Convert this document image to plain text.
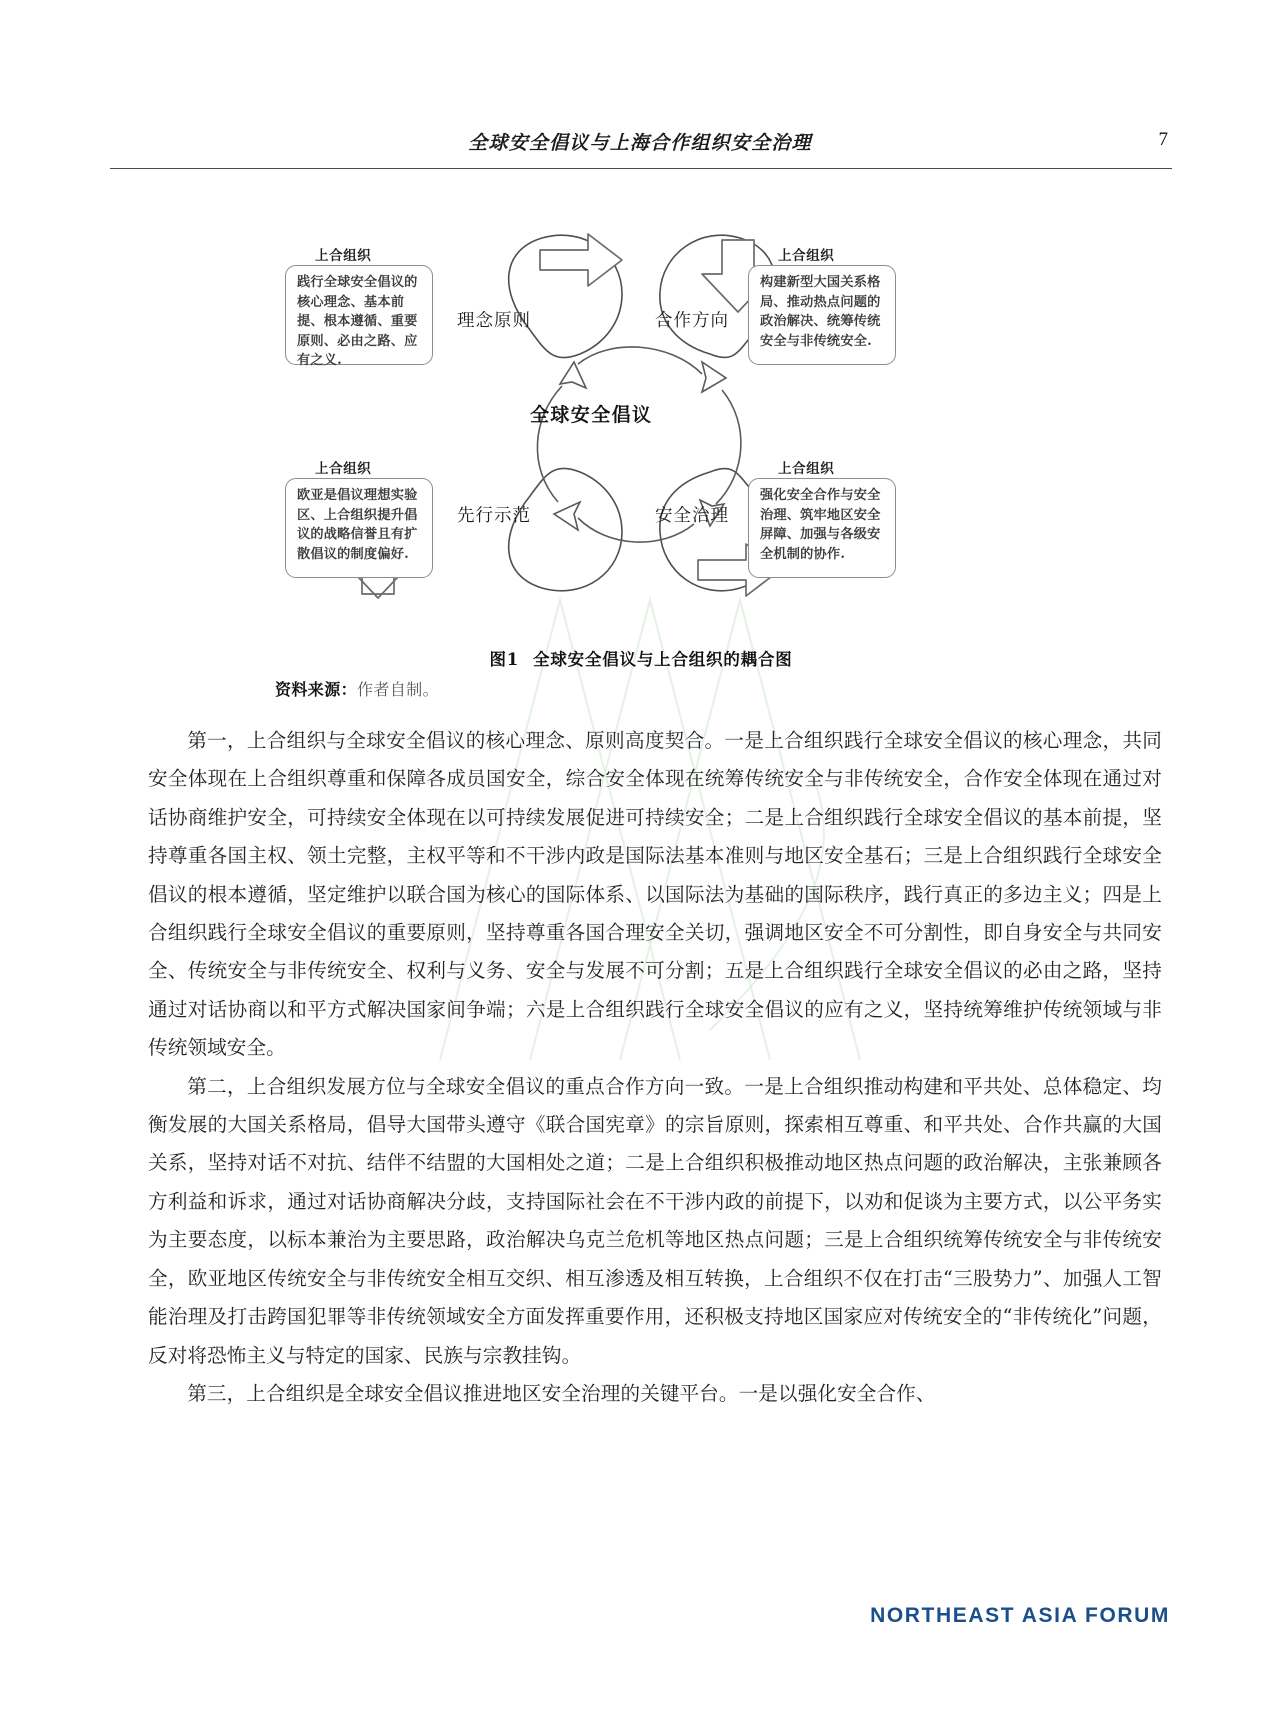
全球安全倡议与上海合作组织安全治理	7
理念原则	合作方向
先行示范	安全治理
全球安全倡议
上合组织
践行全球安全倡议的核心理念、基本前提、根本遵循、重要原则、必由之路、应有之义.
上合组织
构建新型大国关系格局、推动热点问题的政治解决、统筹传统安全与非传统安全.
上合组织
欧亚是倡议理想实验区、上合组织提升倡议的战略信誉且有扩散倡议的制度偏好.
上合组织
强化安全合作与安全治理、筑牢地区安全屏障、加强与各级安全机制的协作.
图1 全球安全倡议与上合组织的耦合图
资料来源：作者自制。

第一，上合组织与全球安全倡议的核心理念、原则高度契合。一是上合组织践行全球安全倡议的核心理念，共同安全体现在上合组织尊重和保障各成员国安全，综合安全体现在统筹传统安全与非传统安全，合作安全体现在通过对话协商维护安全，可持续安全体现在以可持续发展促进可持续安全；二是上合组织践行全球安全倡议的基本前提，坚持尊重各国主权、领土完整，主权平等和不干涉内政是国际法基本准则与地区安全基石；三是上合组织践行全球安全倡议的根本遵循，坚定维护以联合国为核心的国际体系、以国际法为基础的国际秩序，践行真正的多边主义；四是上合组织践行全球安全倡议的重要原则，坚持尊重各国合理安全关切，强调地区安全不可分割性，即自身安全与共同安全、传统安全与非传统安全、权利与义务、安全与发展不可分割；五是上合组织践行全球安全倡议的必由之路，坚持通过对话协商以和平方式解决国家间争端；六是上合组织践行全球安全倡议的应有之义，坚持统筹维护传统领域与非传统领域安全。

第二，上合组织发展方位与全球安全倡议的重点合作方向一致。一是上合组织推动构建和平共处、总体稳定、均衡发展的大国关系格局，倡导大国带头遵守《联合国宪章》的宗旨原则，探索相互尊重、和平共处、合作共赢的大国关系，坚持对话不对抗、结伴不结盟的大国相处之道；二是上合组织积极推动地区热点问题的政治解决，主张兼顾各方利益和诉求，通过对话协商解决分歧，支持国际社会在不干涉内政的前提下，以劝和促谈为主要方式，以公平务实为主要态度，以标本兼治为主要思路，政治解决乌克兰危机等地区热点问题；三是上合组织统筹传统安全与非传统安全，欧亚地区传统安全与非传统安全相互交织、相互渗透及相互转换，上合组织不仅在打击“三股势力”、加强人工智能治理及打击跨国犯罪等非传统领域安全方面发挥重要作用，还积极支持地区国家应对传统安全的“非传统化”问题，反对将恐怖主义与特定的国家、民族与宗教挂钩。

第三，上合组织是全球安全倡议推进地区安全治理的关键平台。一是以强化安全合作、

NORTHEAST ASIA FORUM
